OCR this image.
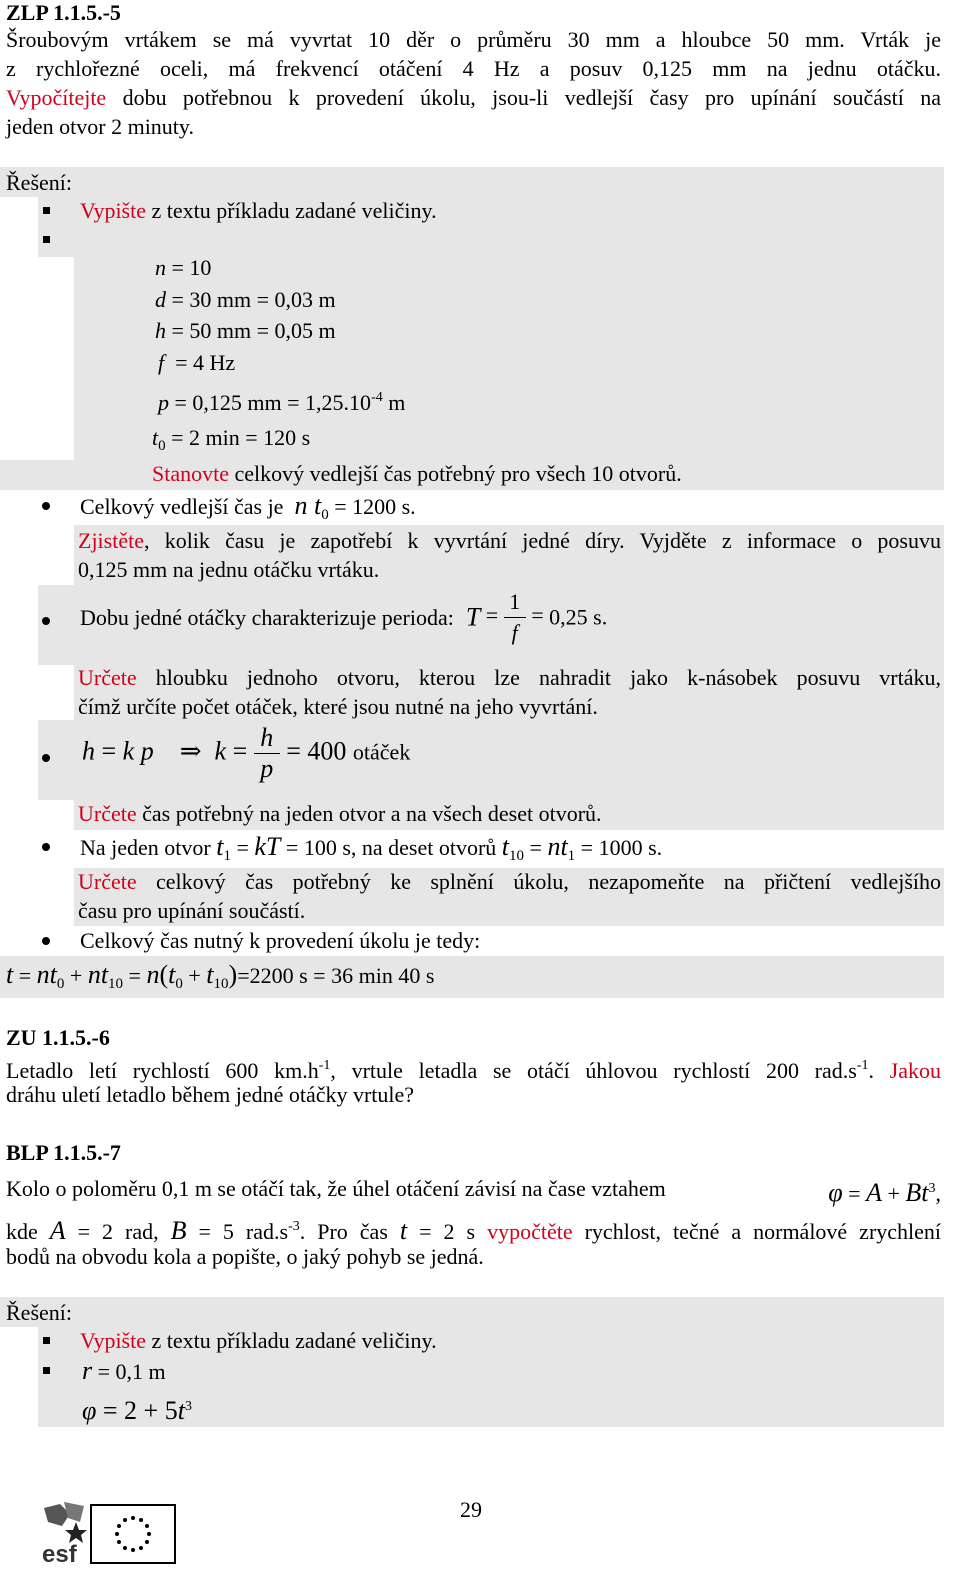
ZLP 1.1.5.-5
Šroubovým vrtákem se má vyvrtat 10 děr o průměru 30 mm a hloubce 50 mm. Vrták je
z rychlořezné oceli, má frekvencí otáčení 4 Hz a posuv 0,125 mm na jednu otáčku.
Vypočítejte dobu potřebnou k provedení úkolu, jsou-li vedlejší časy pro upínání součástí na
jeden otvor 2 minuty.
Řešení:
Vypište z textu příkladu zadané veličiny.
n = 10
d = 30 mm = 0,03 m
h = 50 mm = 0,05 m
f  = 4 Hz
p = 0,125 mm = $1,25.10^{-4}$ m
$t_0 = 2$ min = 120 s
Stanovte celkový vedlejší čas potřebný pro všech 10 otvorů.
Celkový vedlejší čas je n $t_0 = 1200$ s.
Zjistěte, kolik času je zapotřebí k vyvrtání jedné díry. Vyjděte z informace o posuvu
0,125 mm na jednu otáčku vrtáku.
Dobu jedné otáčky charakterizuje perioda:  $T = \frac{1}{f} = 0,25$ s.
Určete hloubku jednoho otvoru, kterou lze nahradit jako k-násobek posuvu vrtáku,
čímž určíte počet otáček, které jsou nutné na jeho vyvrtání.
h = k p    ⇒  $k = \frac{h}{p} = 400$ otáček
Určete čas potřebný na jeden otvor a na všech deset otvorů.
Na jeden otvor $t_1$ = kT = 100 s, na deset otvorů $t_{10} = nt_1 = 1000$ s.
Určete celkový čas potřebný ke splnění úkolu, nezapomeňte na přičtení vedlejšího
času pro upínání součástí.
Celkový čas nutný k provedení úkolu je tedy:
$t = nt_0 + nt_{10} = n(t_0 + t_{10})=2200$ s = 36 min 40 s
ZU 1.1.5.-6
Letadlo letí rychlostí 600 $km.h^{-1}$, vrtule letadla se otáčí úhlovou rychlostí 200 $rad.s^{-1}$. Jakou
dráhu uletí letadlo během jedné otáčky vrtule?
BLP 1.1.5.-7
Kolo o poloměru 0,1 m se otáčí tak, že úhel otáčení závisí na čase vztahem	$\varphi = A + Bt^3$,
kde A = 2 rad, B = 5 $rad.s^{-3}$. Pro čas t = 2 s vypočtěte rychlost, tečné a normálové zrychlení
bodů na obvodu kola a popište, o jaký pohyb se jedná.
Řešení:
Vypište z textu příkladu zadané veličiny.
r = 0,1 m
$\varphi = 2 + 5t^3$
29
esf
